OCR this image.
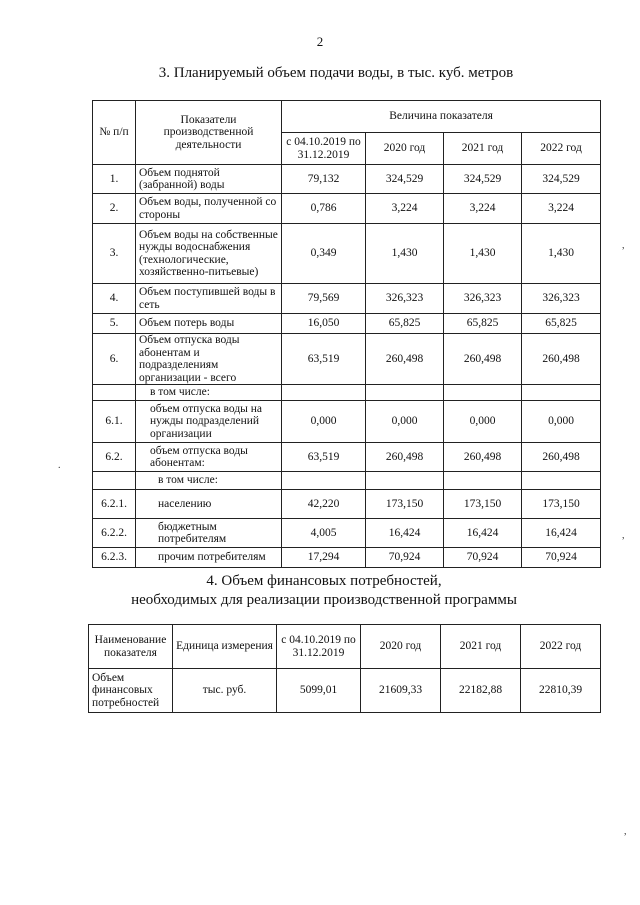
2
3. Планируемый объем подачи воды, в тыс. куб. метров
№ п/п	Показатели производственной деятельности	Величина показателя			
		с 04.10.2019 по 31.12.2019	2020 год	2021 год	2022 год
1.	Объем поднятой (забранной) воды	79,132	324,529	324,529	324,529
2.	Объем воды, полученной со стороны	0,786	3,224	3,224	3,224
3.	Объем воды на собственные нужды водоснабжения (технологические, хозяйственно-питьевые)	0,349	1,430	1,430	1,430
4.	Объем поступившей воды в сеть	79,569	326,323	326,323	326,323
5.	Объем потерь воды	16,050	65,825	65,825	65,825
6.	Объем отпуска воды абонентам и подразделениям организации - всего	63,519	260,498	260,498	260,498
	в том числе:				
6.1.	объем отпуска воды на нужды подразделений организации	0,000	0,000	0,000	0,000
6.2.	объем отпуска воды абонентам:	63,519	260,498	260,498	260,498
	в том числе:				
6.2.1.	населению	42,220	173,150	173,150	173,150
6.2.2.	бюджетным потребителям	4,005	16,424	16,424	16,424
6.2.3.	прочим потребителям	17,294	70,924	70,924	70,924
4. Объем финансовых потребностей,
необходимых для реализации производственной программы
Наименование показателя	Единица измерения	с 04.10.2019 по 31.12.2019	2020 год	2021 год	2022 год
Объем финансовых потребностей	тыс. руб.	5099,01	21609,33	22182,88	22810,39
,
.
,
,
